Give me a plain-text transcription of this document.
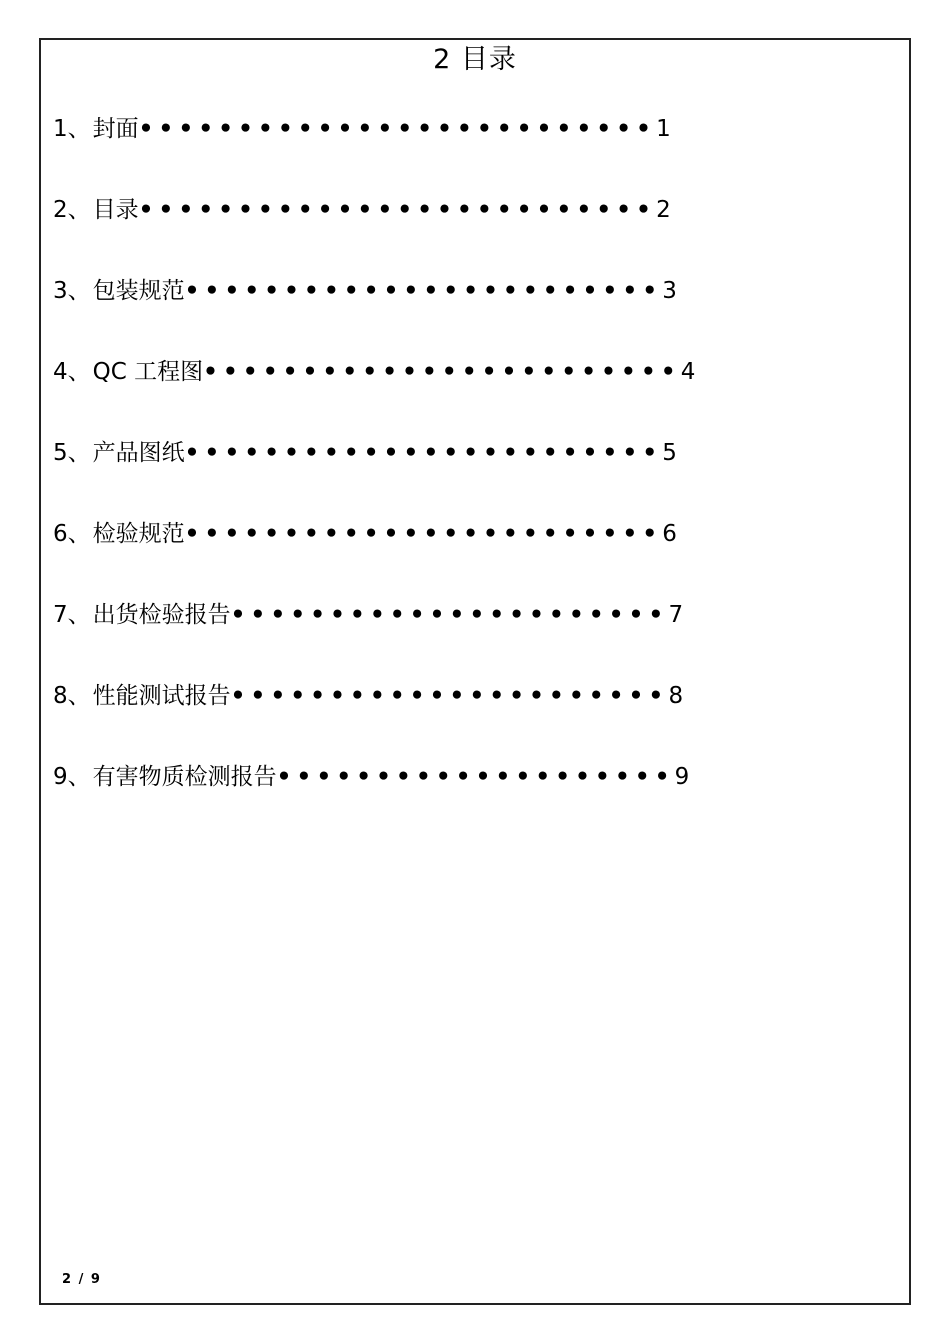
2 目录
1、封面••••••••••••••••••••••••••1
2、目录••••••••••••••••••••••••••2
3、包装规范••••••••••••••••••••••••3
4、QC 工程图••••••••••••••••••••••••4
5、产品图纸••••••••••••••••••••••••5
6、检验规范••••••••••••••••••••••••6
7、出货检验报告••••••••••••••••••••••7
8、性能测试报告••••••••••••••••••••••8
9、有害物质检测报告••••••••••••••••••••9
2 / 9
